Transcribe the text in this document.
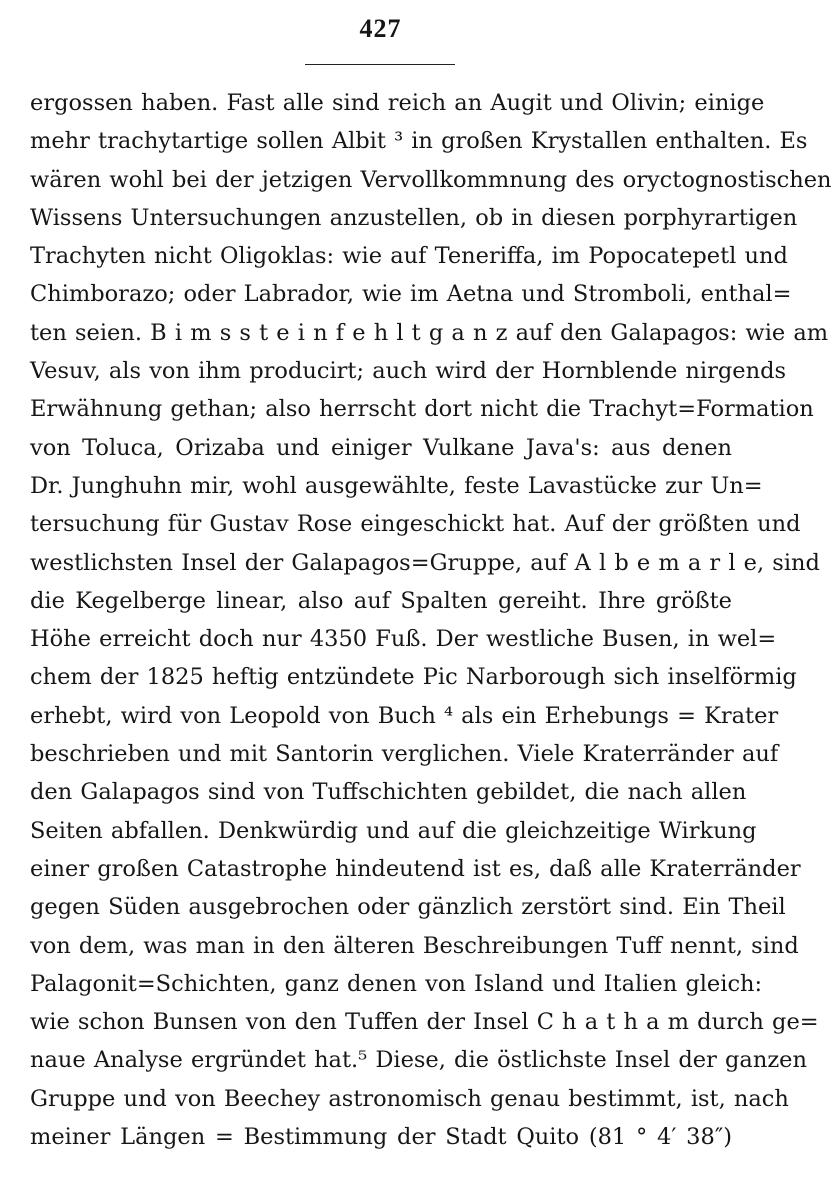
427
ergossen haben. Fast alle sind reich an Augit und Olivin; einige
mehr trachytartige sollen Albit ³ in großen Krystallen enthalten. Es
wären wohl bei der jetzigen Vervollkommnung des oryctognostischen
Wissens Untersuchungen anzustellen, ob in diesen porphyrartigen
Trachyten nicht Oligoklas: wie auf Teneriffa, im Popocatepetl und
Chimborazo; oder Labrador, wie im Aetna und Stromboli, enthal=
ten seien. B i m s s t e i n f e h l t g a n z auf den Galapagos: wie am
Vesuv, als von ihm producirt; auch wird der Hornblende nirgends
Erwähnung gethan; also herrscht dort nicht die Trachyt=Formation
von Toluca, Orizaba und einiger Vulkane Java's: aus denen
Dr. Junghuhn mir, wohl ausgewählte, feste Lavastücke zur Un=
tersuchung für Gustav Rose eingeschickt hat. Auf der größten und
westlichsten Insel der Galapagos=Gruppe, auf A l b e m a r l e, sind
die Kegelberge linear, also auf Spalten gereiht. Ihre größte
Höhe erreicht doch nur 4350 Fuß. Der westliche Busen, in wel=
chem der 1825 heftig entzündete Pic Narborough sich inselförmig
erhebt, wird von Leopold von Buch ⁴ als ein Erhebungs = Krater
beschrieben und mit Santorin verglichen. Viele Kraterränder auf
den Galapagos sind von Tuffschichten gebildet, die nach allen
Seiten abfallen. Denkwürdig und auf die gleichzeitige Wirkung
einer großen Catastrophe hindeutend ist es, daß alle Kraterränder
gegen Süden ausgebrochen oder gänzlich zerstört sind. Ein Theil
von dem, was man in den älteren Beschreibungen Tuff nennt, sind
Palagonit=Schichten, ganz denen von Island und Italien gleich:
wie schon Bunsen von den Tuffen der Insel C h a t h a m durch ge=
naue Analyse ergründet hat.⁵ Diese, die östlichste Insel der ganzen
Gruppe und von Beechey astronomisch genau bestimmt, ist, nach
meiner Längen = Bestimmung der Stadt Quito (81 ° 4′ 38″)
